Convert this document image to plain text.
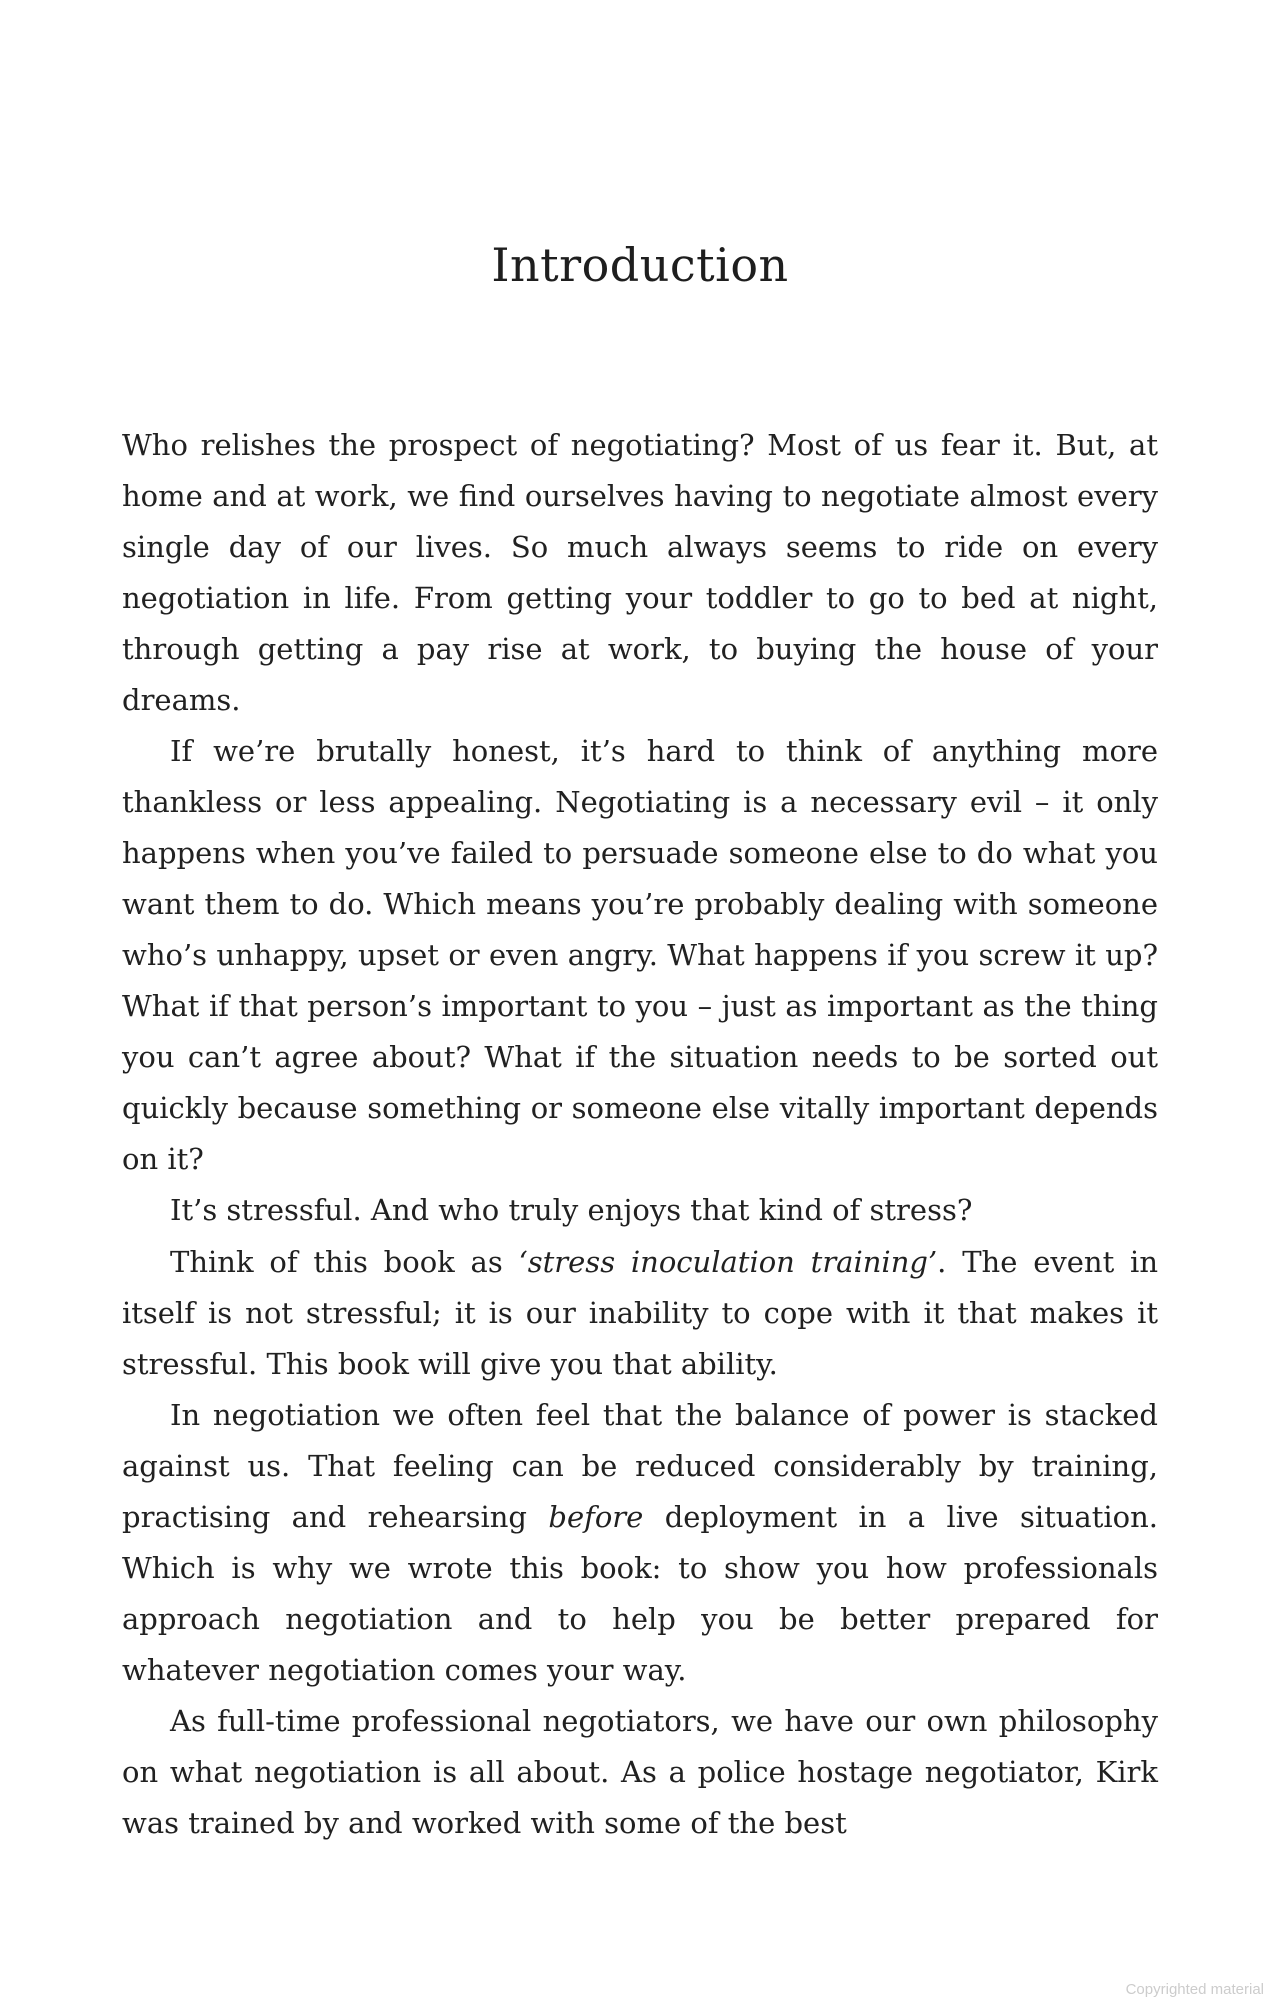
Introduction

Who relishes the prospect of negotiating? Most of us fear it. But, at home and at work, we find ourselves having to negotiate almost every single day of our lives. So much always seems to ride on every negotiation in life. From getting your toddler to go to bed at night, through getting a pay rise at work, to buying the house of your dreams.

If we’re brutally honest, it’s hard to think of anything more thankless or less appealing. Negotiating is a necessary evil – it only happens when you’ve failed to persuade someone else to do what you want them to do. Which means you’re probably dealing with someone who’s unhappy, upset or even angry. What happens if you screw it up? What if that person’s important to you – just as important as the thing you can’t agree about? What if the situation needs to be sorted out quickly because something or someone else vitally important depends on it?

It’s stressful. And who truly enjoys that kind of stress?

Think of this book as ‘stress inoculation training’. The event in itself is not stressful; it is our inability to cope with it that makes it stressful. This book will give you that ability.

In negotiation we often feel that the balance of power is stacked against us. That feeling can be reduced considerably by training, practising and rehearsing before deployment in a live situation. Which is why we wrote this book: to show you how professionals approach negotiation and to help you be better prepared for whatever negotiation comes your way.

As full-time professional negotiators, we have our own philosophy on what negotiation is all about. As a police hostage negotiator, Kirk was trained by and worked with some of the best

Copyrighted material
